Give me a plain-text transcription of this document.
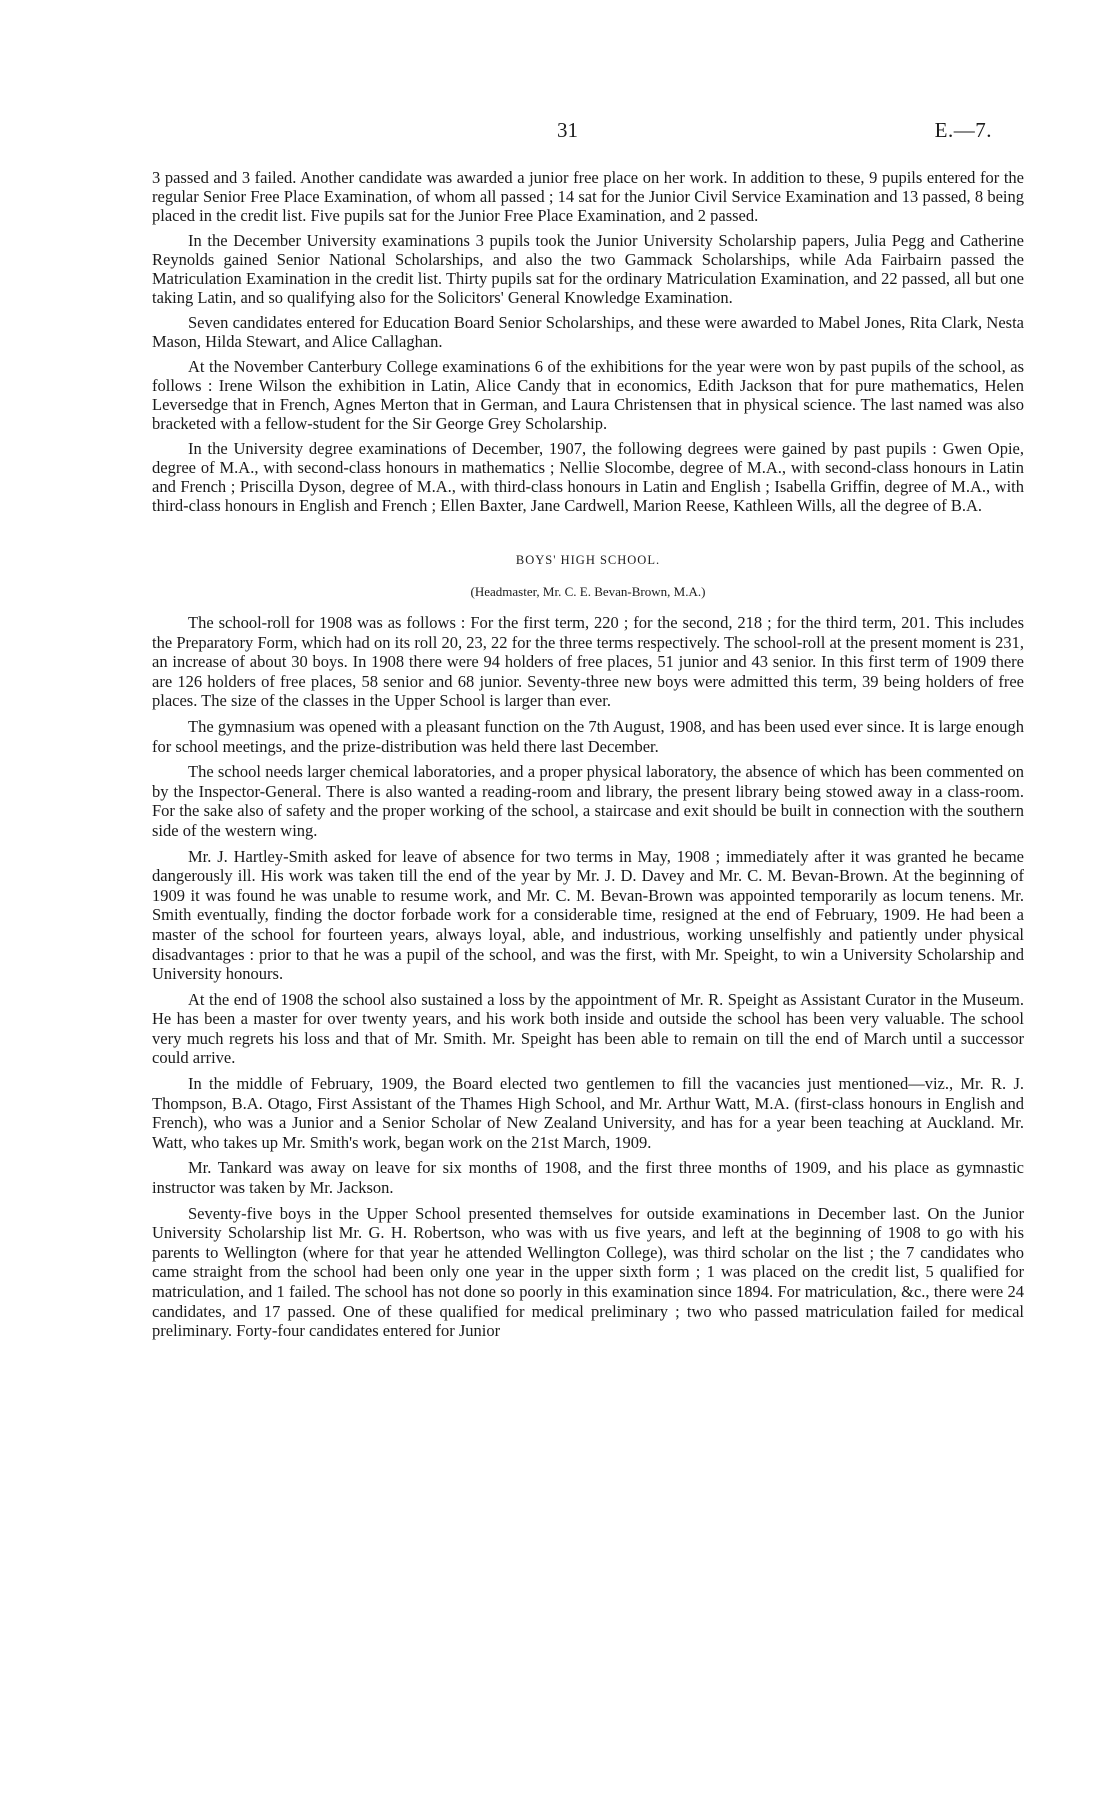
31	E.—7.

3 passed and 3 failed. Another candidate was awarded a junior free place on her work. In addition to these, 9 pupils entered for the regular Senior Free Place Examination, of whom all passed ; 14 sat for the Junior Civil Service Examination and 13 passed, 8 being placed in the credit list. Five pupils sat for the Junior Free Place Examination, and 2 passed.

In the December University examinations 3 pupils took the Junior University Scholarship papers, Julia Pegg and Catherine Reynolds gained Senior National Scholarships, and also the two Gammack Scholarships, while Ada Fairbairn passed the Matriculation Examination in the credit list. Thirty pupils sat for the ordinary Matriculation Examination, and 22 passed, all but one taking Latin, and so qualifying also for the Solicitors' General Knowledge Examination.

Seven candidates entered for Education Board Senior Scholarships, and these were awarded to Mabel Jones, Rita Clark, Nesta Mason, Hilda Stewart, and Alice Callaghan.

At the November Canterbury College examinations 6 of the exhibitions for the year were won by past pupils of the school, as follows : Irene Wilson the exhibition in Latin, Alice Candy that in economics, Edith Jackson that for pure mathematics, Helen Leversedge that in French, Agnes Merton that in German, and Laura Christensen that in physical science. The last named was also bracketed with a fellow-student for the Sir George Grey Scholarship.

In the University degree examinations of December, 1907, the following degrees were gained by past pupils : Gwen Opie, degree of M.A., with second-class honours in mathematics ; Nellie Slocombe, degree of M.A., with second-class honours in Latin and French ; Priscilla Dyson, degree of M.A., with third-class honours in Latin and English ; Isabella Griffin, degree of M.A., with third-class honours in English and French ; Ellen Baxter, Jane Cardwell, Marion Reese, Kathleen Wills, all the degree of B.A.

BOYS' HIGH SCHOOL.
(Headmaster, Mr. C. E. Bevan-Brown, M.A.)

The school-roll for 1908 was as follows : For the first term, 220 ; for the second, 218 ; for the third term, 201. This includes the Preparatory Form, which had on its roll 20, 23, 22 for the three terms respectively. The school-roll at the present moment is 231, an increase of about 30 boys. In 1908 there were 94 holders of free places, 51 junior and 43 senior. In this first term of 1909 there are 126 holders of free places, 58 senior and 68 junior. Seventy-three new boys were admitted this term, 39 being holders of free places. The size of the classes in the Upper School is larger than ever.

The gymnasium was opened with a pleasant function on the 7th August, 1908, and has been used ever since. It is large enough for school meetings, and the prize-distribution was held there last December.

The school needs larger chemical laboratories, and a proper physical laboratory, the absence of which has been commented on by the Inspector-General. There is also wanted a reading-room and library, the present library being stowed away in a class-room. For the sake also of safety and the proper working of the school, a staircase and exit should be built in connection with the southern side of the western wing.

Mr. J. Hartley-Smith asked for leave of absence for two terms in May, 1908 ; immediately after it was granted he became dangerously ill. His work was taken till the end of the year by Mr. J. D. Davey and Mr. C. M. Bevan-Brown. At the beginning of 1909 it was found he was unable to resume work, and Mr. C. M. Bevan-Brown was appointed temporarily as locum tenens. Mr. Smith eventually, finding the doctor forbade work for a considerable time, resigned at the end of February, 1909. He had been a master of the school for fourteen years, always loyal, able, and industrious, working unselfishly and patiently under physical disadvantages : prior to that he was a pupil of the school, and was the first, with Mr. Speight, to win a University Scholarship and University honours.

At the end of 1908 the school also sustained a loss by the appointment of Mr. R. Speight as Assistant Curator in the Museum. He has been a master for over twenty years, and his work both inside and outside the school has been very valuable. The school very much regrets his loss and that of Mr. Smith. Mr. Speight has been able to remain on till the end of March until a successor could arrive.

In the middle of February, 1909, the Board elected two gentlemen to fill the vacancies just mentioned—viz., Mr. R. J. Thompson, B.A. Otago, First Assistant of the Thames High School, and Mr. Arthur Watt, M.A. (first-class honours in English and French), who was a Junior and a Senior Scholar of New Zealand University, and has for a year been teaching at Auckland. Mr. Watt, who takes up Mr. Smith's work, began work on the 21st March, 1909.

Mr. Tankard was away on leave for six months of 1908, and the first three months of 1909, and his place as gymnastic instructor was taken by Mr. Jackson.

Seventy-five boys in the Upper School presented themselves for outside examinations in December last. On the Junior University Scholarship list Mr. G. H. Robertson, who was with us five years, and left at the beginning of 1908 to go with his parents to Wellington (where for that year he attended Wellington College), was third scholar on the list ; the 7 candidates who came straight from the school had been only one year in the upper sixth form ; 1 was placed on the credit list, 5 qualified for matriculation, and 1 failed. The school has not done so poorly in this examination since 1894. For matriculation, &c., there were 24 candidates, and 17 passed. One of these qualified for medical preliminary ; two who passed matriculation failed for medical preliminary. Forty-four candidates entered for Junior
